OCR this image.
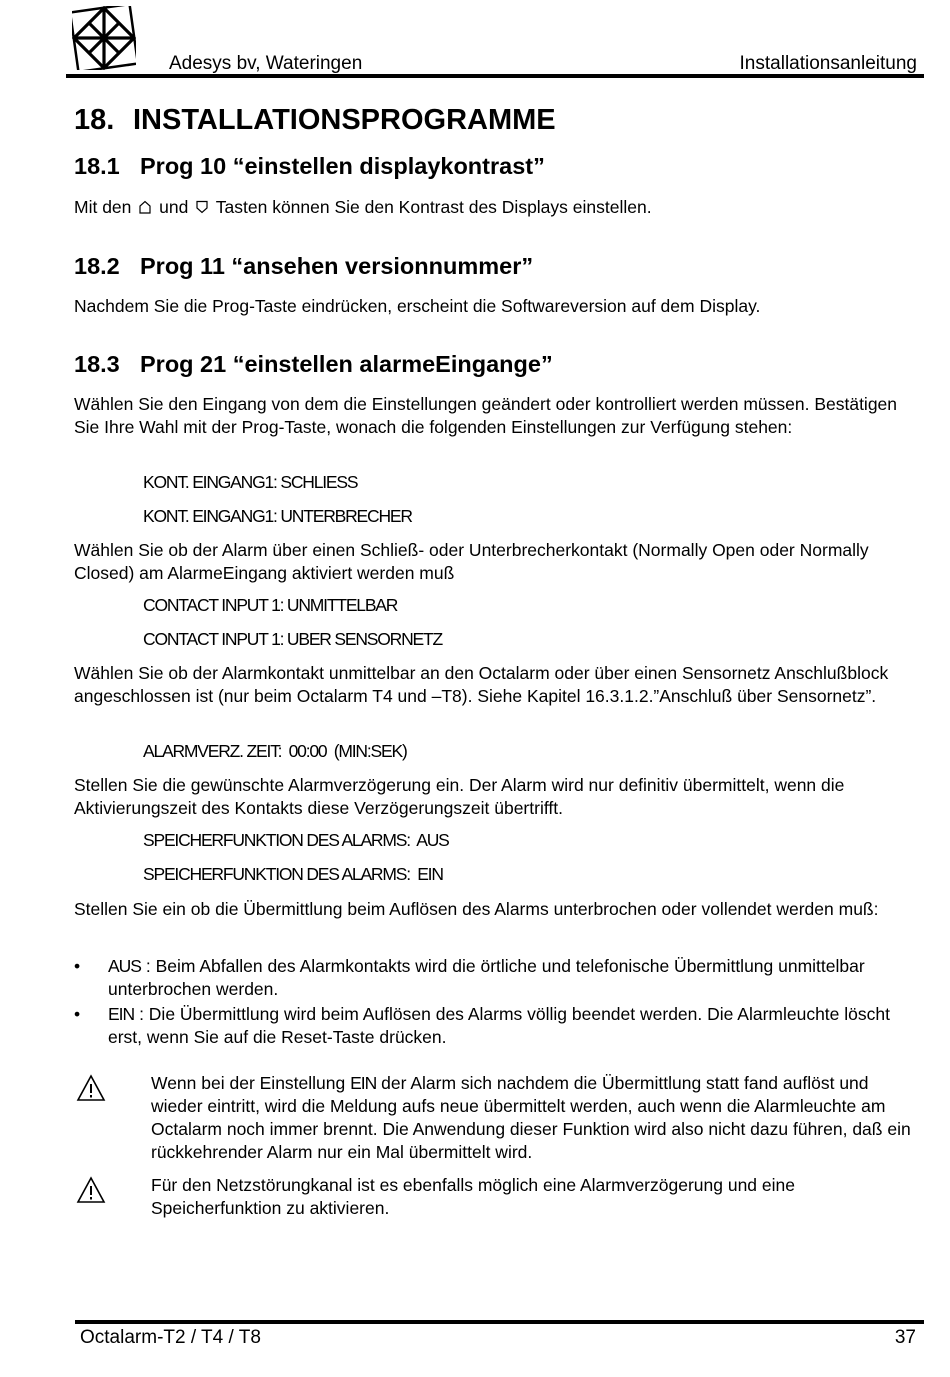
Adesys bv, Wateringen	Installationsanleitung
18. INSTALLATIONSPROGRAMME
18.1 Prog 10 “einstellen displaykontrast”
Mit den und Tasten können Sie den Kontrast des Displays einstellen.
18.2 Prog 11 “ansehen versionnummer”
Nachdem Sie die Prog-Taste eindrücken, erscheint die Softwareversion auf dem Display.
18.3 Prog 21 “einstellen alarmeEingange”
Wählen Sie den Eingang von dem die Einstellungen geändert oder kontrolliert werden müssen. Bestätigen Sie Ihre Wahl mit der Prog-Taste, wonach die folgenden Einstellungen zur Verfügung stehen:
KONT. EINGANG1: SCHLIESS
KONT. EINGANG1: UNTERBRECHER
Wählen Sie ob der Alarm über einen Schließ- oder Unterbrecherkontakt (Normally Open oder Normally Closed) am AlarmeEingang aktiviert werden muß
CONTACT INPUT 1: UNMITTELBAR
CONTACT INPUT 1: UBER SENSORNETZ
Wählen Sie ob der Alarmkontakt unmittelbar an den Octalarm oder über einen Sensornetz Anschlußblock angeschlossen ist (nur beim Octalarm T4 und –T8). Siehe Kapitel 16.3.1.2.”Anschluß über Sensornetz”.
ALARMVERZ. ZEIT:  00:00  (MIN:SEK)
Stellen Sie die gewünschte Alarmverzögerung ein. Der Alarm wird nur definitiv übermittelt, wenn die Aktivierungszeit des Kontakts diese Verzögerungszeit übertrifft.
SPEICHERFUNKTION DES ALARMS:  AUS
SPEICHERFUNKTION DES ALARMS:  EIN
Stellen Sie ein ob die Übermittlung beim Auflösen des Alarms unterbrochen oder vollendet werden muß:
• AUS : Beim Abfallen des Alarmkontakts wird die örtliche und telefonische Übermittlung unmittelbar unterbrochen werden.
• EIN : Die Übermittlung wird beim Auflösen des Alarms völlig beendet werden. Die Alarmleuchte löscht erst, wenn Sie auf die Reset-Taste drücken.
Wenn bei der Einstellung EIN der Alarm sich nachdem die Übermittlung statt fand auflöst und wieder eintritt, wird die Meldung aufs neue übermittelt werden, auch wenn die Alarmleuchte am Octalarm noch immer brennt. Die Anwendung dieser Funktion wird also nicht dazu führen, daß ein rückkehrender Alarm nur ein Mal übermittelt wird.
Für den Netzstörungkanal ist es ebenfalls möglich eine Alarmverzögerung und eine Speicherfunktion zu aktivieren.
Octalarm-T2 / T4 / T8	37
